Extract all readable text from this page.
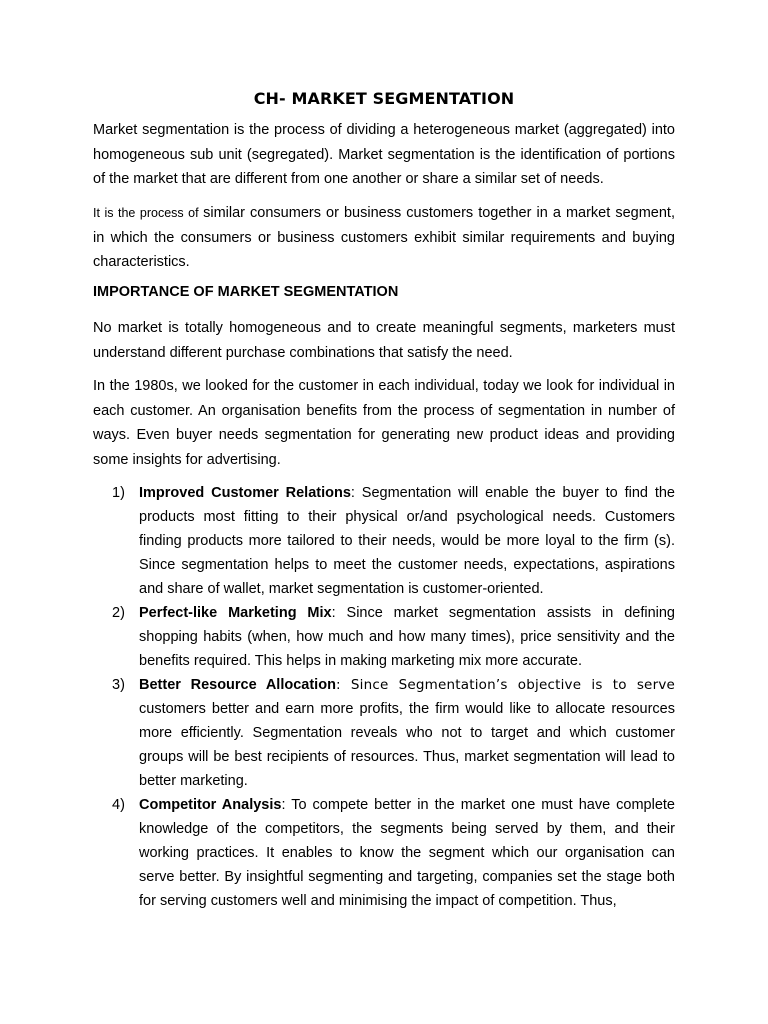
CH- MARKET SEGMENTATION

Market segmentation is the process of dividing a heterogeneous market (aggregated) into homogeneous sub unit (segregated). Market segmentation is the identification of portions of the market that are different from one another or share a similar set of needs.

It is the process of similar consumers or business customers together in a market segment, in which the consumers or business customers exhibit similar requirements and buying characteristics.

IMPORTANCE OF MARKET SEGMENTATION

No market is totally homogeneous and to create meaningful segments, marketers must understand different purchase combinations that satisfy the need.

In the 1980s, we looked for the customer in each individual, today we look for individual in each customer. An organisation benefits from the process of segmentation in number of ways. Even buyer needs segmentation for generating new product ideas and providing some insights for advertising.

1) Improved Customer Relations: Segmentation will enable the buyer to find the products most fitting to their physical or/and psychological needs. Customers finding products more tailored to their needs, would be more loyal to the firm (s). Since segmentation helps to meet the customer needs, expectations, aspirations and share of wallet, market segmentation is customer-oriented.
2) Perfect-like Marketing Mix: Since market segmentation assists in defining shopping habits (when, how much and how many times), price sensitivity and the benefits required. This helps in making marketing mix more accurate.
3) Better Resource Allocation: Since Segmentation’s objective is to serve customers better and earn more profits, the firm would like to allocate resources more efficiently. Segmentation reveals who not to target and which customer groups will be best recipients of resources. Thus, market segmentation will lead to better marketing.
4) Competitor Analysis: To compete better in the market one must have complete knowledge of the competitors, the segments being served by them, and their working practices. It enables to know the segment which our organisation can serve better. By insightful segmenting and targeting, companies set the stage both for serving customers well and minimising the impact of competition. Thus,
